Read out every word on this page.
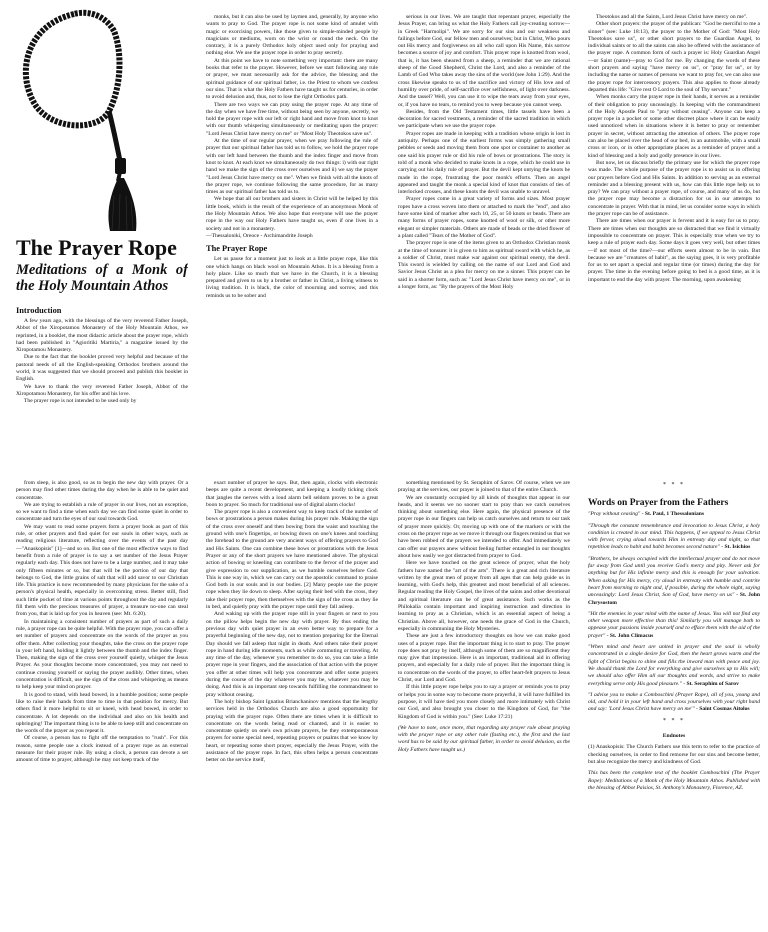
The Prayer Rope
Meditations of a Monk of the Holy Mountain Athos
Introduction

A few years ago, with the blessings of the very reverend Father Joseph, Abbot of the Xiropotamou Monastery of the Holy Mountain Athos, we reprinted, in a booklet, the most didactic article about the prayer rope, which had been published in "Agioritiki Martiria," a magazine issued by the Xiropotamou Monastery.

Due to the fact that the booklet proved very helpful and because of the pastoral needs of all the English-speaking Orthodox brothers around the world, it was suggested that we should proceed and publish this booklet in English.

We have to thank the very reverend Father Joseph, Abbot of the Xiropotamou Monastery, for his offer and his love.

The prayer rope is not intended to be used only by

monks, but it can also be used by laymen and, generally, by anyone who wants to pray to God. The prayer rope is not some kind of amulet with magic or exorcising powers, like those given to simple-minded people by magicians or mediums, worn on the wrist or round the neck. On the contrary, it is a purely Orthodox holy object used only for praying and nothing else. We use the prayer rope in order to pray secretly.

At this point we have to note something very important: there are many books that refer to the prayer. However, before we start following any rule or prayer, we must necessarily ask for the advice, the blessing and the spiritual guidance of our spiritual father, i.e. the Priest to whom we confess our sins. That is what the Holy Fathers have taught us for centuries, in order to avoid delusion and, thus, not to lose the right Orthodox path.

There are two ways we can pray using the prayer rope. At any time of the day when we have free time, without being seen by anyone, secretly, we hold the prayer rope with our left or right hand and move from knot to knot with our thumb whispering simultaneously or meditating upon the prayer: "Lord Jesus Christ have mercy on me" or "Most Holy Theotokos save us".

At the time of our regular prayer, when we pray following the rule of prayer that our spiritual father has told us to follow, we hold the prayer rope with our left hand between the thumb and the index finger and move from knot to knot. At each knot we simultaneously do two things: i) with our right hand we make the sign of the cross over ourselves and ii) we say the prayer "Lord Jesus Christ have mercy on me". When we finish with all the knots of the prayer rope, we continue following the same procedure, for as many times as our spiritual father has told us to.

We hope that all our brothers and sisters in Christ will be helped by this little book, which is the result of the experience of an anonymous Monk of the Holy Mountain Athos. We also hope that everyone will use the prayer rope in the way our Holy Fathers have taught us, even if one lives in a society and not in a monastery.

—Thessaloniki, Oreoce - Archimandrite Joseph

The Prayer Rope

Let us pause for a moment just to look at a little prayer rope, like this one which hangs on black wool on Mountain Athos. It is a blessing from a holy place. Like so much that we have in the Church, it is a blessing prepared and given to us by a brother or father in Christ, a living witness to living tradition. It is black, the color of mourning and sorrow, and this reminds us to be sober and

serious in our lives. We are taught that repentant prayer, especially the Jesus Prayer, can bring us what the Holy Fathers call joy-creating sorrow—in Greek "Harmolipi". We are sorry for our sins and our weakness and failings before God, our fellow men and ourselves; but in Christ, Who pours out His mercy and forgiveness on all who call upon His Name, this sorrow becomes a source of joy and comfort. This prayer rope is knotted from wool, that is, it has been sheared from a sheep, a reminder that we are rational sheep of the Good Shepherd, Christ the Lord, and also a reminder of the Lamb of God Who takes away the sins of the world (see John 1:29). And the cross likewise speaks to us of the sacrifice and victory of His love and of humility over pride, of self-sacrifice over selfishness, of light over darkness. And the tassel? Well, you can use it to wipe the tears away from your eyes, or, if you have no tears, to remind you to weep because you cannot weep.

Besides, from the Old Testament times, little tassels have been a decoration for sacred vestments, a reminder of the sacred tradition in which we participate when we use the prayer rope.

Prayer ropes are made in keeping with a tradition whose origin is lost in antiquity. Perhaps one of the earliest forms was simply gathering small pebbles or seeds and moving them from one spot or container to another as one said his prayer rule or did his rule of bows or prostrations. The story is told of a monk who decided to make knots in a rope, which he could use in carrying out his daily rule of prayer. But the devil kept untying the knots he made in the rope, frustrating the poor monk's efforts. Then an angel appeared and taught the monk a special kind of knot that consists of ties of interlocked crosses, and these knots the devil was unable to unravel.

Prayer ropes come in a great variety of forms and sizes. Most prayer ropes have a cross woven into them or attached to mark the "end", and also have some kind of marker after each 10, 25, or 50 knots or beads. There are many forms of prayer ropes, some knotted of wool or silk, or other more elegant or simpler materials. Others are made of beads or the dried flower of a plant called "Tears of the Mother of God".

The prayer rope is one of the items given to an Orthodox Christian monk at the time of tonsure: it is given to him as spiritual sword with which he, as a soldier of Christ, must make war against our spiritual enemy, the devil. This sword is wielded by calling on the name of our Lord and God and Savior Jesus Christ as a plea for mercy on me a sinner. This prayer can be said in a shorter form, such as: "Lord Jesus Christ have mercy on me", or in a longer form, as: "By the prayers of the Most Holy

Theotokos and all the Saints, Lord Jesus Christ have mercy on me".

Other short prayers: the prayer of the publican: "God be merciful to me a sinner" (see: Luke 18:13), the prayer to the Mother of God: "Most Holy Theotokos save us", or other short prayers to the Guardian Angel, to individual saints or to all the saints can also be offered with the assistance of the prayer rope. A common form of such a prayer is: Holy Guardian Angel—or Saint (name)—pray to God for me. By changing the words of these short prayers and saying "have mercy on us", or "pray for us", or by including the name or names of persons we want to pray for, we can also use the prayer rope for intercessory prayers. This also applies to those already departed this life: "Give rest O Lord to the soul of Thy servant."

When monks carry the prayer rope in their hands, it serves as a reminder of their obligation to pray unceasingly. In keeping with the commandment of the Holy Apostle Paul to "pray without ceasing". Anyone can keep a prayer rope in a pocket or some other discreet place where it can be easily used unnoticed when in situations where it is better to pray or remember prayer in secret, without attracting the attention of others. The prayer rope can also be placed over the head of our bed, in an automobile, with a small cross or icon, or in other appropriate places as a reminder of prayer and a kind of blessing and a holy and godly presence in our lives.

But now, let us discuss briefly the primary use for which the prayer rope was made. The whole purpose of the prayer rope is to assist us in offering our prayers before God and His Saints. In addition to serving as an external reminder and a blessing present with us, how can this little rope help us to pray? We can pray without a prayer rope, of course, and many of us do, but the prayer rope may become a distraction for us in our attempts to concentrate in prayer. With that in mind, let us consider some ways in which the prayer rope can be of assistance.

There are times when our prayer is fervent and it is easy for us to pray. There are times when our thoughts are so distracted that we find it virtually impossible to concentrate on prayer. This is especially true when we try to keep a rule of prayer each day. Some days it goes very well, but other times—if not most of the time?—our efforts seem almost to be in vain. But because we are "creatures of habit", as the saying goes, it is very profitable for us to set apart a special and regular time (or times) during the day for prayer. The time in the evening before going to bed is a good time, as it is important to end the day with prayer. The morning, upon awakening

from sleep, is also good, so as to begin the new day with prayer. Or a person may find other times during the day when he is able to be quiet and concentrate.

We are trying to establish a rule of prayer in our lives, not an exception, so we want to find a time when each day we can find some quiet in order to concentrate and turn the eyes of our soul towards God.

We may want to read some prayers form a prayer book as part of this rule, or other prayers and find quiet for our souls in other ways, such as reading religious literature, reflecting over the events of the past day—"Anaskopisis" [1]—and so on. But one of the most effective ways to find benefit from a rule of prayer is to say a set number of the Jesus Prayer regularly each day. This does not have to be a large number, and it may take only fifteen minutes or so, but that will be the portion of our day that belongs to God, the little grains of salt that will add savor to our Christian life. This practice is now recommended by many physicians for the sake of a person's physical health, especially in overcoming stress. Better still, find such little pocket of time at various points throughout the day and regularly fill them with the precious treasures of prayer, a treasure no-one can steal from you, that is laid up for you in heaven (see: Mt. 6:20).

In maintaining a consistent number of prayers as part of such a daily rule, a prayer rope can be quite helpful. With the prayer rope, you can offer a set number of prayers and concentrate on the words of the prayer as you offer them. After collecting your thoughts, take the cross on the prayer rope in your left hand, holding it lightly between the thumb and the index finger. Then, making the sign of the cross over yourself quietly, whisper the Jesus Prayer. As your thoughts become more concentrated, you may not need to continue crossing yourself or saying the prayer audibly. Other times, when concentration is difficult, use the sign of the cross and whispering as means to help keep your mind on prayer.

It is good to stand, with head bowed, in a humble position; some people like to raise their hands from time to time in that position for mercy. But others find it more helpful to sit or kneel, with head bowed, in order to concentrate. A lot depends on the individual and also on his health and upbringing! The important thing is to be able to keep still and concentrate on the words of the prayer as you repeat it.

Of course, a person has to fight off the temptation to "rush". For this reason, some people use a clock instead of a prayer rope as an external measure for their prayer rule. By using a clock, a person can devote a set amount of time to prayer, although he may not keep track of the

exact number of prayer he says. But, then again, clocks with electronic beeps are quite a recent development, and keeping a loudly ticking clock that jangles the nerves with a loud alarm bell seldom proves to be a great boon to prayer. So much for traditional use of digital alarm clocks!

The prayer rope is also a convenient way to keep track of the number of bows or prostrations a person makes during his prayer rule. Making the sign of the cross over oneself and then bowing from the waist and touching the ground with one's fingertips, or bowing down on one's knees and touching the forehead to the ground are very ancient ways of offering prayers to God and His Saints. One can combine these bows or prostrations with the Jesus Prayer or any of the short prayers we have mentioned above. The physical action of bowing or kneeling can contribute to the fervor of the prayer and give expression to our supplication, as we humble ourselves before God. This is one way in, which we can carry out the apostolic command to praise God both in our souls and in our bodies. [2] Many people use the prayer rope when they lie down to sleep. After saying their bed with the cross, they take their prayer rope, then themselves with the sign of the cross as they lie in bed, and quietly pray with the prayer rope until they fall asleep.

And waking up with the prayer rope still in your fingers or next to you on the pillow helps begin the new day with prayer. By thus ending the previous day with quiet prayer in an even better way to prepare for a prayerful beginning of the new day, not to mention preparing for the Eternal Day should we fall asleep that night in death. And others take their prayer rope in hand during idle moments, such as while commuting or traveling. At any time of the day, whenever you remember to do so, you can take a little prayer rope in your fingers, and the association of that action with the prayer you offer at other times will help you concentrate and offer some prayers during the course of the day whatever you may be, whatever you may be doing. And this is an important step towards fulfilling the commandment to pray without ceasing.

The holy bishop Saint Ignatius Brianchaninov mentions that the lengthy services held in the Orthodox Church are also a good opportunity for praying with the prayer rope. Often there are times when it is difficult to concentrate on the words being read or chanted, and it is easier to concentrate quietly on one's own private prayers, be they extemporaneous prayers for some special need, repeating prayers or psalms that we know by heart, or repeating some short prayer, especially the Jesus Prayer, with the assistance of the prayer rope. In fact, this often helps a person concentrate better on the service itself,

something mentioned by St. Seraphim of Sarov. Of course, when we are praying at the services, our prayer is joined to that of the entire Church.

We are constantly occupied by all kinds of thoughts that appear in our heads, and it seems we no sooner start to pray than we catch ourselves thinking about something else. Here again, the physical presence of the prayer rope in our fingers can help us catch ourselves and return to our task of prayer more quickly. Or, moving up with one of the markers or with the cross on the prayer rope as we move it through our fingers remind us that we have been robbed of the prayers we intended to offer. And immediately we can offer our prayers anew without feeling further entangled in our thoughts about how easily we got distracted from prayer to God.

Here we have touched on the great science of prayer, what the holy fathers have named the "art of the arts". There is a great and rich literature written by the great men of prayer from all ages that can help guide us in learning, with God's help, this greatest and most beneficial of all sciences. Regular reading the Holy Gospel, the lives of the saints and other devotional and spiritual literature can be of great assistance. Such works as the Philokalia contain important and inspiring instruction and direction in learning to pray as a Christian, which is an essential aspect of being a Christian. Above all, however, one needs the grace of God in the Church, especially in communing the Holy Mysteries.

These are just a few introductory thoughts on how we can make good uses of a prayer rope. But the important thing is to start to pray. The prayer rope does not pray by itself, although some of them are so magnificent they may give that impression. Here is an important, traditional aid in offering prayers, and especially for a daily rule of prayer. But the important thing is to concentrate on the words of the prayer, to offer heart-felt prayers to Jesus Christ, our Lord and God.

If this little prayer rope helps you to say a prayer or reminds you to pray or helps you in some way to become more prayerful, it will have fulfilled its purpose, it will have tied you more closely and more intimately with Christ our God, and also brought you closer to the Kingdom of God, for "the Kingdom of God is within you." (See: Luke 17:21)

(We have to note, once more, that regarding any prayer rule about praying with the prayer rope or any other rule (fasting etc.), the first and the last word has to be said by our spiritual father, in order to avoid delusion, as the Holy Fathers have taught us.)

* * *
Words on Prayer from the Fathers

"Pray without ceasing" - St. Paul, 1 Thessalonians

"Through the constant remembrance and invocation to Jesus Christ, a holy condition is created in our mind. This happens, if we appeal to Jesus Christ with fervor, crying aloud towards Him in entreaty day and night, so that repetition leads to habit and habit becomes second nature" - St. Isichios

"Brothers, be always occupied with the intellectual prayer and do not move far away from God until you receive God's mercy and pity. Never ask for anything but for His infinite mercy and this is enough for your salvation. When asking for His mercy, cry aloud in entreaty with humble and contrite heart from morning to night and, if possible, during the whole night, saying unceasingly: Lord Jesus Christ, Son of God, have mercy on us" - St. John Chrysostom

"Hit the enemies in your mind with the name of Jesus. You will not find any other weapon more effective than this! Similarly you will manage both to appease your passions inside yourself and to efface them with the aid of the prayer" - St. John Climacus

"When mind and heart are united in prayer and the soul is wholly concentrated in a single desire for God, then the heart grows warm and the light of Christ begins to shine and fills the inward man with peace and joy. We should thank the Lord for everything and give ourselves up to His will; we should also offer Him all our thoughts and words, and strive to make everything serve only His good pleasure." - St. Seraphim of Sarov

"I advise you to make a Comboschini (Prayer Rope), all of you, young and old, and hold it in your left hand and cross yourselves with your right hand and say: 'Lord Jesus Christ have mercy on me'" - Saint Cosmas Aitolos

* * *

Endnotes

(1) Anaskopisis: The Church Fathers use this term to refer to the practice of checking ourselves, in order to find remorse for our sins and become better, but also recognize the mercy and kindness of God.

This has been the complete text of the booklet Comboschini (The Prayer Rope): Meditations of a Monk of the Holy Mountain Athos. Published with the blessing of Abbot Paisios, St. Anthony's Monastery, Florence, AZ.
